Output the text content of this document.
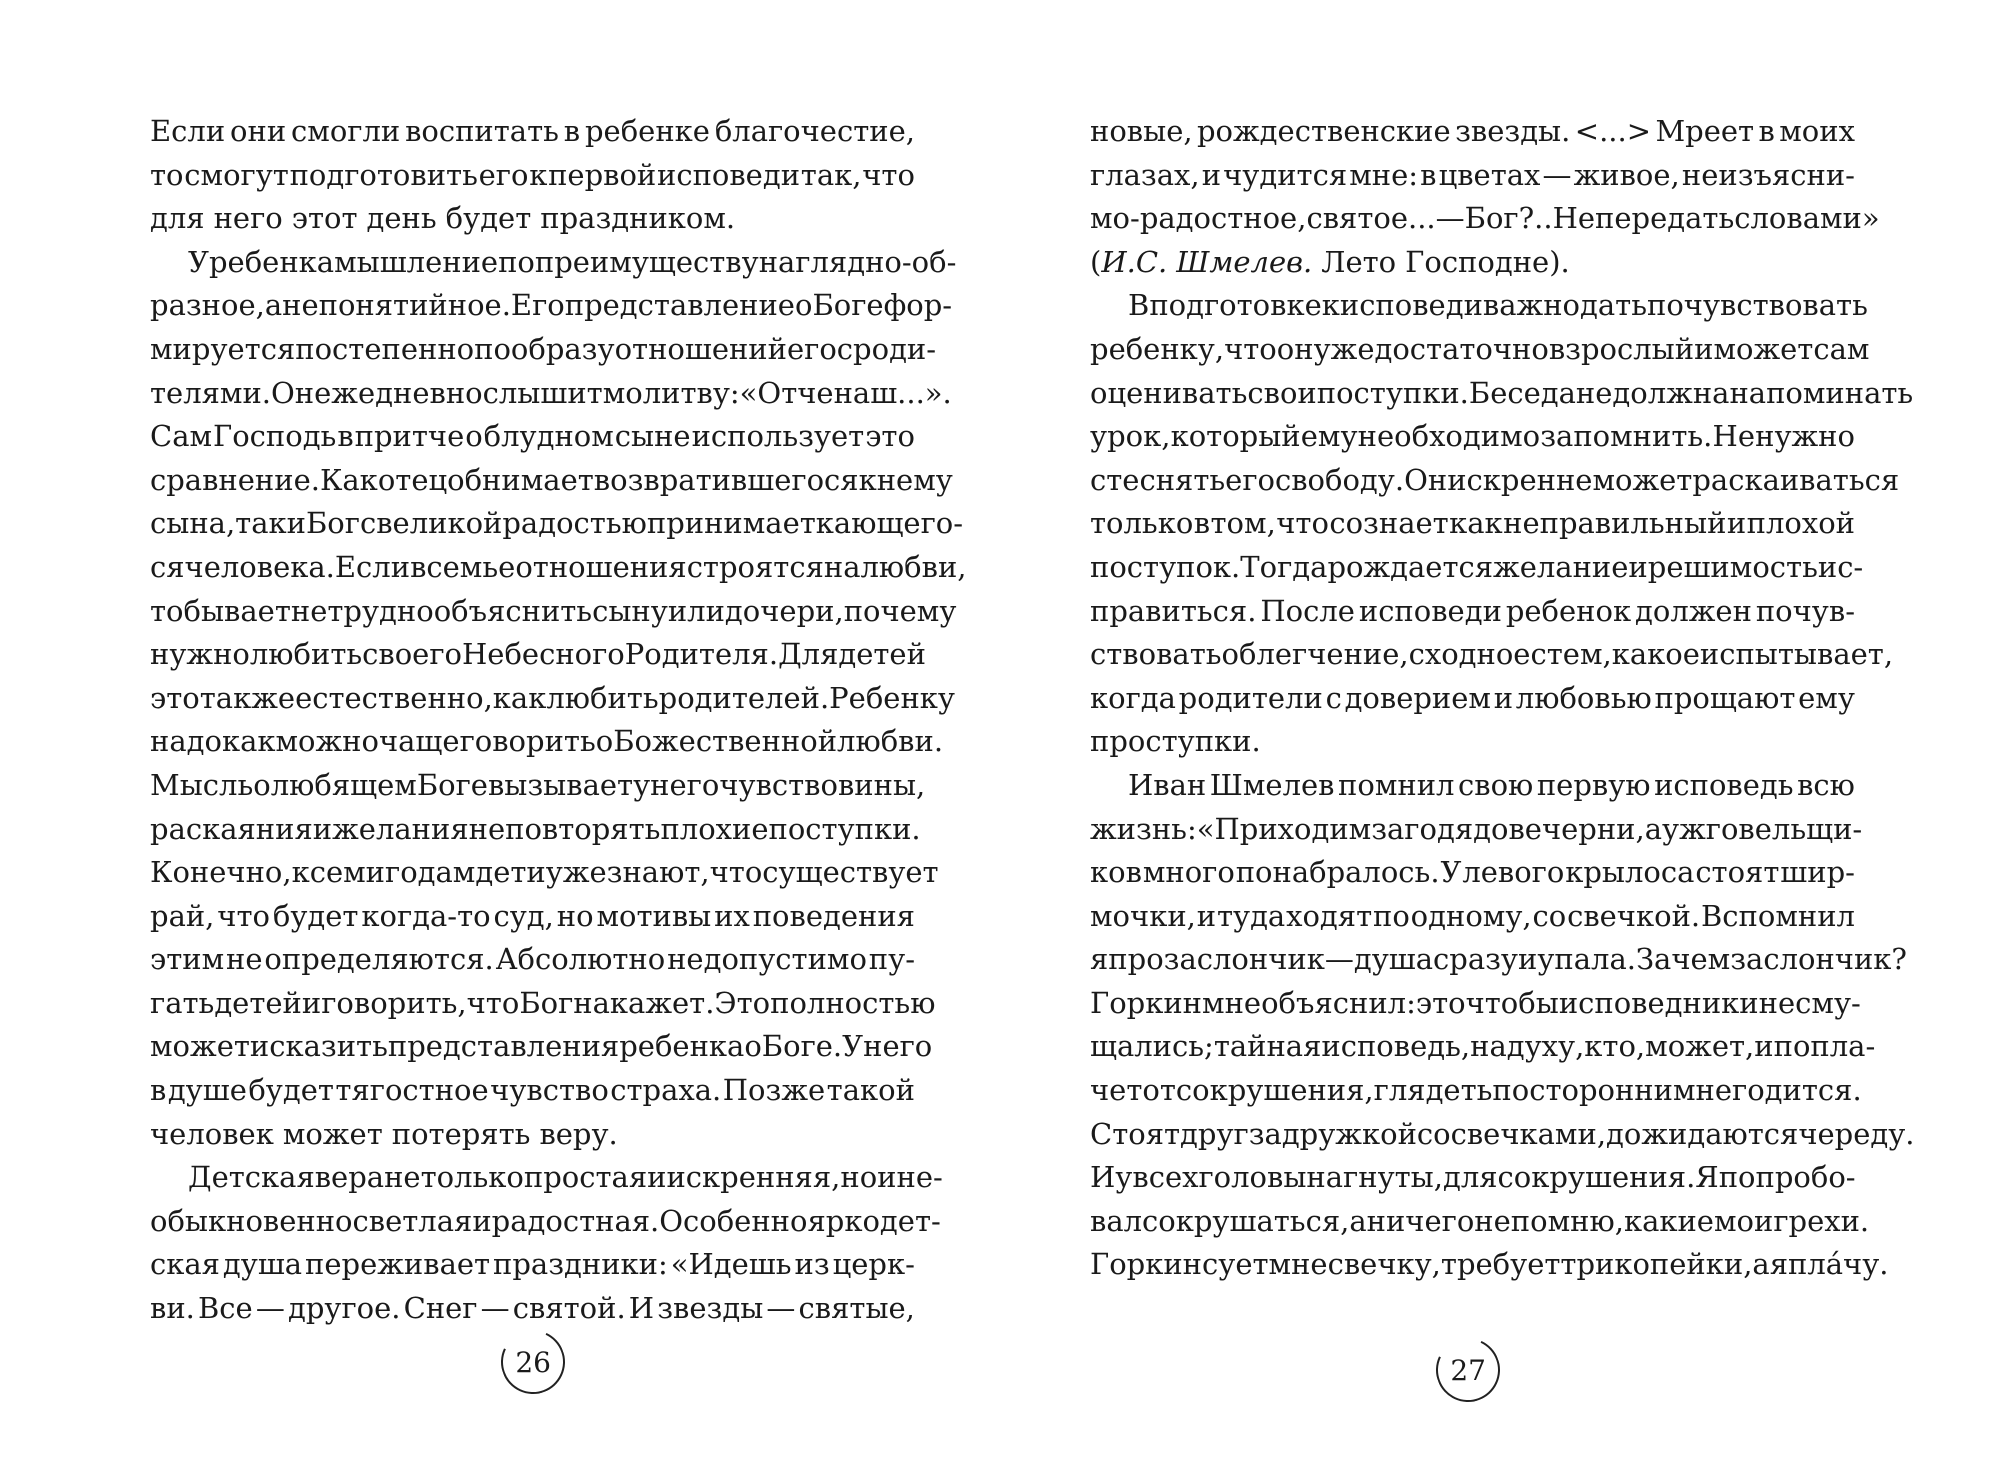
Если они смогли воспитать в ребенке благочестие,
то смогут подготовить его к первой исповеди так, что
для него этот день будет праздником.
У ребенка мышление по преимуществу наглядно-об-
разное, а не понятийное. Его представление о Боге фор-
мируется постепенно по образу отношений его с роди-
телями. Он ежедневно слышит молитву: «Отче наш...».
Сам Господь в притче о блудном сыне использует это
сравнение. Как отец обнимает возвратившегося к нему
сына, так и Бог с великой радостью принимает кающего-
ся человека. Если в семье отношения строятся на любви,
то бывает нетрудно объяснить сыну или дочери, почему
нужно любить своего Небесного Родителя. Для детей
это так же естественно, как любить родителей. Ребенку
надо как можно чаще говорить о Божественной любви.
Мысль о любящем Боге вызывает у него чувство вины,
раскаяния и желания не повторять плохие поступки.
Конечно, к семи годам дети уже знают, что существует
рай, что будет когда-то суд, но мотивы их поведения
этим не определяются. Абсолютно недопустимо пу-
гать детей и говорить, что Бог накажет. Это полностью
может исказить представления ребенка о Боге. У него
в душе будет тягостное чувство страха. Позже такой
человек может потерять веру.
Детская вера не только простая и искренняя, но и не-
обыкновенно светлая и радостная. Особенно ярко дет-
ская душа переживает праздники: «Идешь из церк-
ви. Все — другое. Снег — святой. И звезды — святые,
26
новые, рождественские звезды. <...> Мреет в моих
глазах, и чудится мне: в цветах — живое, неизъясни-
мо-радостное, святое... — Бог?.. Не передать словами»
(И.С. Шмелев. Лето Господне).
В подготовке к исповеди важно дать почувствовать
ребенку, что он уже достаточно взрослый и может сам
оценивать свои поступки. Беседа не должна напоминать
урок, который ему необходимо запомнить. Не нужно
стеснять его свободу. Он искренне может раскаиваться
только в том, что сознает как неправильный и плохой
поступок. Тогда рождается желание и решимость ис-
правиться. После исповеди ребенок должен почув-
ствовать облегчение, сходное с тем, какое испытывает,
когда родители с доверием и любовью прощают ему
проступки.
Иван Шмелев помнил свою первую исповедь всю
жизнь: «Приходим загодя до вечерни, а уж говельщи-
ков много понабралось. У левого крылоса стоят шир-
мочки, и туда ходят по одному, со свечкой. Вспомнил
я про заслончик — душа сразу и упала. Зачем заслончик?
Горкин мне объяснил: это чтобы исповедники не сму-
щались; тайная исповедь, на духу, кто, может, и попла-
чет от сокрушения, глядеть посторонним не годится.
Стоят друг за дружкой со свечками, дожидаются череду.
И у всех головы нагнуты, для сокрушения. Я попробо-
вал сокрушаться, а ничего не помню, какие мои грехи.
Горкин сует мне свечку, требует три копейки, а я плáчу.
27
